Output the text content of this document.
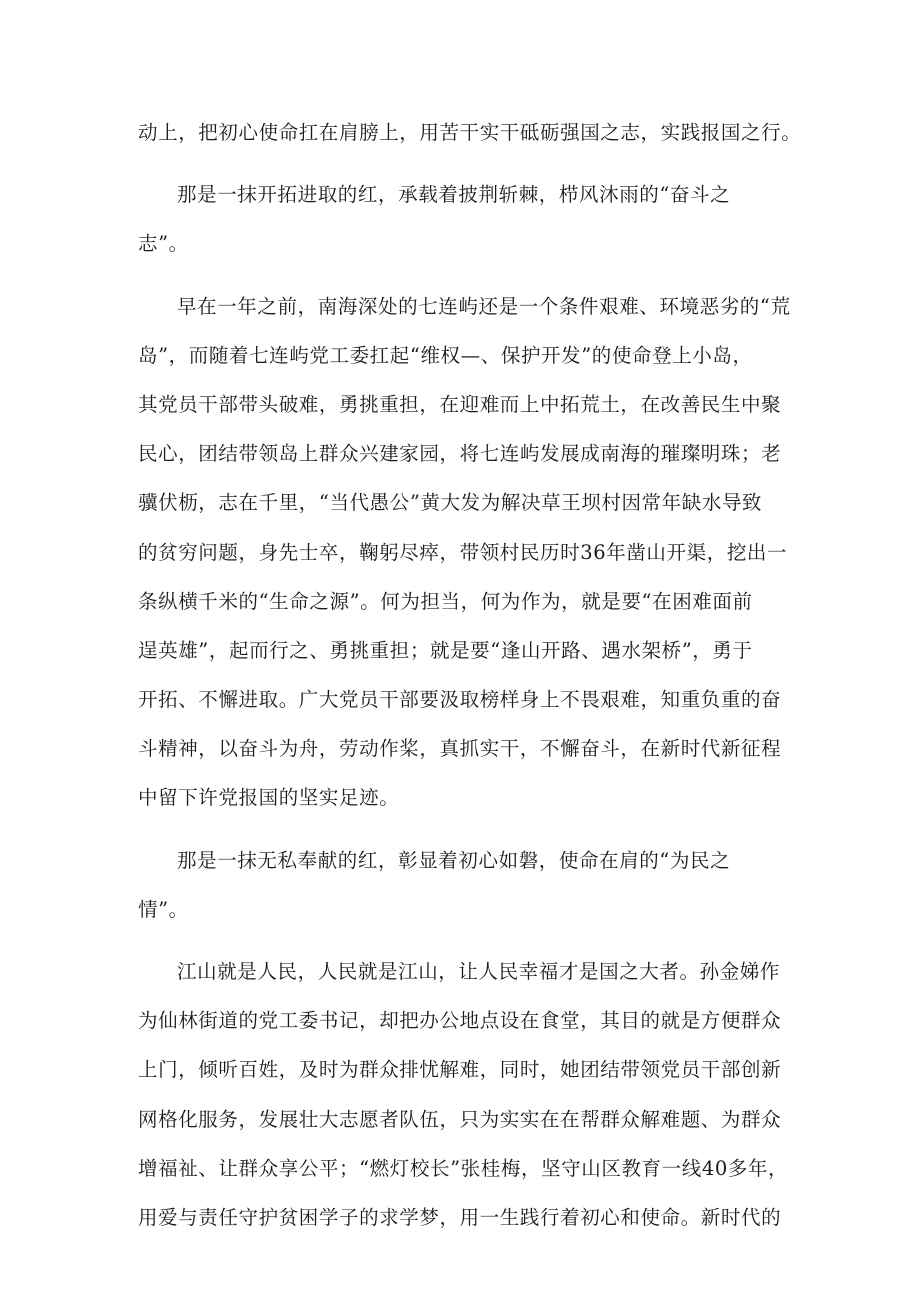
动上，把初心使命扛在肩膀上，用苦干实干砥砺强国之志，实践报国之行。
那是一抹开拓进取的红，承载着披荆斩棘，栉风沐雨的“奋斗之
志”。
早在一年之前，南海深处的七连屿还是一个条件艰难、环境恶劣的“荒
岛”，而随着七连屿党工委扛起“维权—、保护开发”的使命登上小岛，
其党员干部带头破难，勇挑重担，在迎难而上中拓荒土，在改善民生中聚
民心，团结带领岛上群众兴建家园，将七连屿发展成南海的璀璨明珠；老
骥伏枥，志在千里，“当代愚公”黄大发为解决草王坝村因常年缺水导致
的贫穷问题，身先士卒，鞠躬尽瘁，带领村民历时36年凿山开渠，挖出一
条纵横千米的“生命之源”。何为担当，何为作为，就是要“在困难面前
逞英雄”，起而行之、勇挑重担；就是要“逢山开路、遇水架桥”，勇于
开拓、不懈进取。广大党员干部要汲取榜样身上不畏艰难，知重负重的奋
斗精神，以奋斗为舟，劳动作桨，真抓实干，不懈奋斗，在新时代新征程
中留下许党报国的坚实足迹。
那是一抹无私奉献的红，彰显着初心如磐，使命在肩的“为民之
情”。
江山就是人民，人民就是江山，让人民幸福才是国之大者。孙金娣作
为仙林街道的党工委书记，却把办公地点设在食堂，其目的就是方便群众
上门，倾听百姓，及时为群众排忧解难，同时，她团结带领党员干部创新
网格化服务，发展壮大志愿者队伍，只为实实在在帮群众解难题、为群众
增福祉、让群众享公平；“燃灯校长”张桂梅，坚守山区教育一线40多年，
用爱与责任守护贫困学子的求学梦，用一生践行着初心和使命。新时代的
